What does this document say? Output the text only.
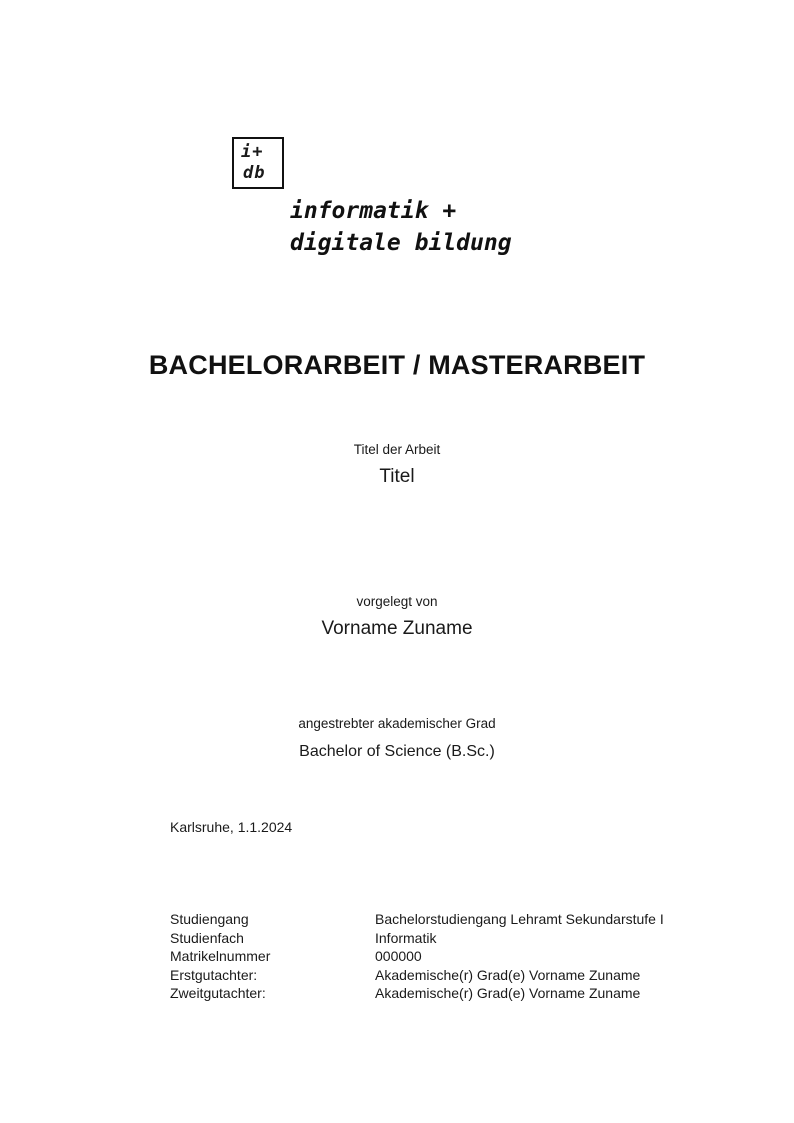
i+
db
informatik +
digitale bildung
BACHELORARBEIT / MASTERARBEIT
Titel der Arbeit
Titel
vorgelegt von
Vorname Zuname
angestrebter akademischer Grad
Bachelor of Science (B.Sc.)
Karlsruhe, 1.1.2024
Studiengang	Bachelorstudiengang Lehramt Sekundarstufe I
Studienfach	Informatik
Matrikelnummer	000000
Erstgutachter:	Akademische(r) Grad(e) Vorname Zuname
Zweitgutachter:	Akademische(r) Grad(e) Vorname Zuname
